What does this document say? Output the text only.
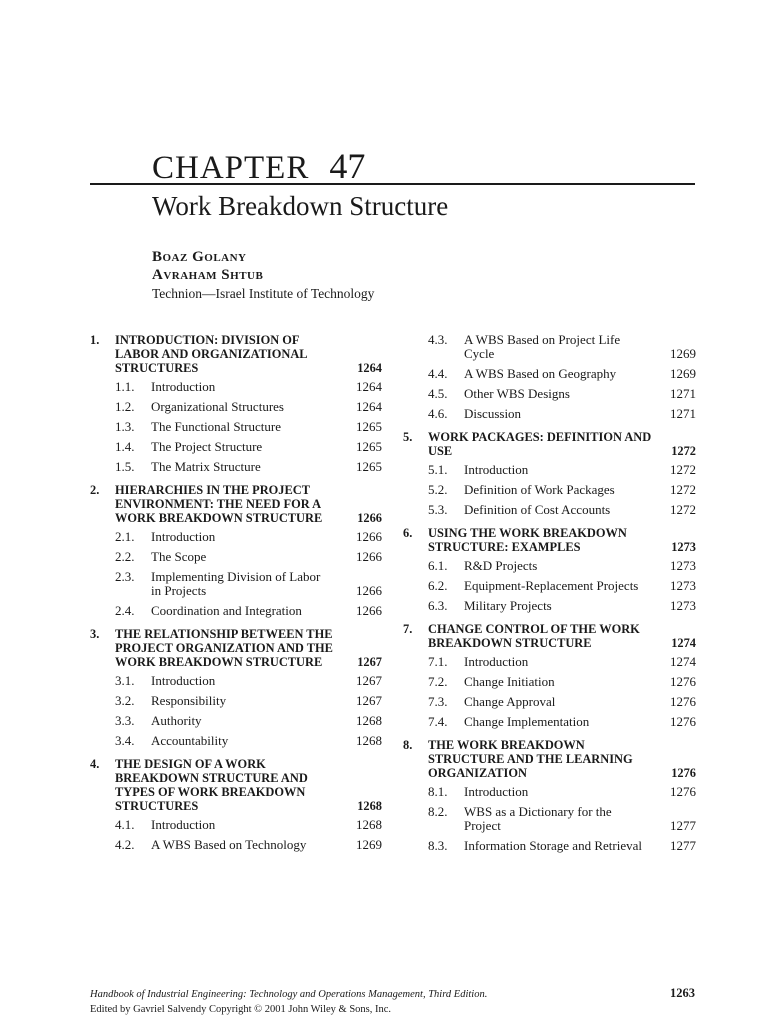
CHAPTER 47
Work Breakdown Structure
Boaz Golany
Avraham Shtub
Technion—Israel Institute of Technology
1. INTRODUCTION: DIVISION OF LABOR AND ORGANIZATIONAL STRUCTURES	1264
1.1. Introduction	1264
1.2. Organizational Structures	1264
1.3. The Functional Structure	1265
1.4. The Project Structure	1265
1.5. The Matrix Structure	1265
2. HIERARCHIES IN THE PROJECT ENVIRONMENT: THE NEED FOR A WORK BREAKDOWN STRUCTURE	1266
2.1. Introduction	1266
2.2. The Scope	1266
2.3. Implementing Division of Labor in Projects	1266
2.4. Coordination and Integration	1266
3. THE RELATIONSHIP BETWEEN THE PROJECT ORGANIZATION AND THE WORK BREAKDOWN STRUCTURE	1267
3.1. Introduction	1267
3.2. Responsibility	1267
3.3. Authority	1268
3.4. Accountability	1268
4. THE DESIGN OF A WORK BREAKDOWN STRUCTURE AND TYPES OF WORK BREAKDOWN STRUCTURES	1268
4.1. Introduction	1268
4.2. A WBS Based on Technology	1269
4.3. A WBS Based on Project Life Cycle	1269
4.4. A WBS Based on Geography	1269
4.5. Other WBS Designs	1271
4.6. Discussion	1271
5. WORK PACKAGES: DEFINITION AND USE	1272
5.1. Introduction	1272
5.2. Definition of Work Packages	1272
5.3. Definition of Cost Accounts	1272
6. USING THE WORK BREAKDOWN STRUCTURE: EXAMPLES	1273
6.1. R&D Projects	1273
6.2. Equipment-Replacement Projects	1273
6.3. Military Projects	1273
7. CHANGE CONTROL OF THE WORK BREAKDOWN STRUCTURE	1274
7.1. Introduction	1274
7.2. Change Initiation	1276
7.3. Change Approval	1276
7.4. Change Implementation	1276
8. THE WORK BREAKDOWN STRUCTURE AND THE LEARNING ORGANIZATION	1276
8.1. Introduction	1276
8.2. WBS as a Dictionary for the Project	1277
8.3. Information Storage and Retrieval	1277
Handbook of Industrial Engineering: Technology and Operations Management, Third Edition.	1263
Edited by Gavriel Salvendy Copyright © 2001 John Wiley & Sons, Inc.
